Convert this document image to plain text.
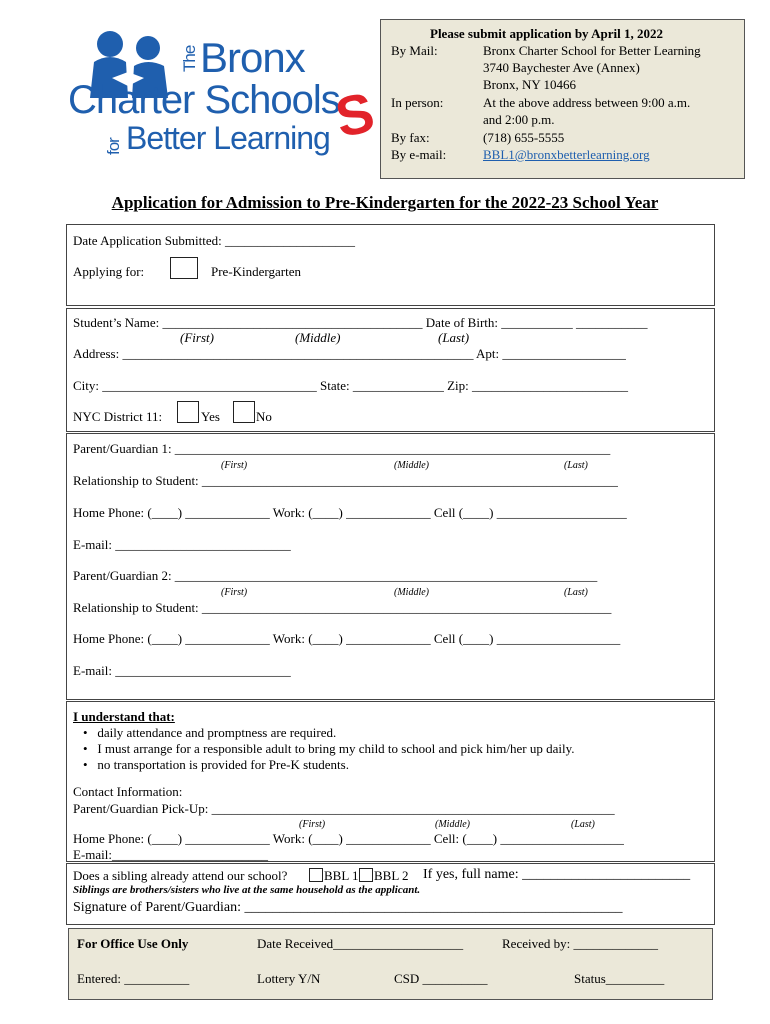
The Bronx
Charter Schools
S
for Better Learning
Please submit application by April 1, 2022
By Mail:	Bronx Charter School for Better Learning
3740 Baychester Ave (Annex)
Bronx, NY 10466
In person:	At the above address between 9:00 a.m.
and 2:00 p.m.
By fax:	(718) 655-5555
By e-mail:	BBL1@bronxbetterlearning.org
Application for Admission to Pre-Kindergarten for the 2022-23 School Year
Date Application Submitted: ____________________
Applying for:	Pre-Kindergarten
Student’s Name: ________________________________________ Date of Birth: ___________ ___________
(First)	(Middle)	(Last)
Address: ______________________________________________________ Apt: ___________________
City: _________________________________ State: ______________ Zip: ________________________
NYC District 11:	Yes	No
Parent/Guardian 1: ___________________________________________________________________
(First)	(Middle)	(Last)
Relationship to Student: ________________________________________________________________
Home Phone: (____) _____________ Work: (____) _____________ Cell (____) ____________________
E-mail: ___________________________
Parent/Guardian 2: _________________________________________________________________
(First)	(Middle)	(Last)
Relationship to Student: _______________________________________________________________
Home Phone: (____) _____________ Work: (____) _____________ Cell (____) ___________________
E-mail: ___________________________
I understand that:
•   daily attendance and promptness are required.
•   I must arrange for a responsible adult to bring my child to school and pick him/her up daily.
•   no transportation is provided for Pre-K students.
Contact Information:
Parent/Guardian Pick-Up: ______________________________________________________________
(First)	(Middle)	(Last)
Home Phone: (____) _____________ Work: (____) _____________ Cell: (____) ___________________
E-mail:________________________
Does a sibling already attend our school?	BBL 1 BBL 2 If yes, full name: ________________________
Siblings are brothers/sisters who live at the same household as the applicant.
Signature of Parent/Guardian: ______________________________________________________
For Office Use Only	Date Received____________________	Received by: _____________
Entered: __________	Lottery Y/N	CSD __________	Status_________
